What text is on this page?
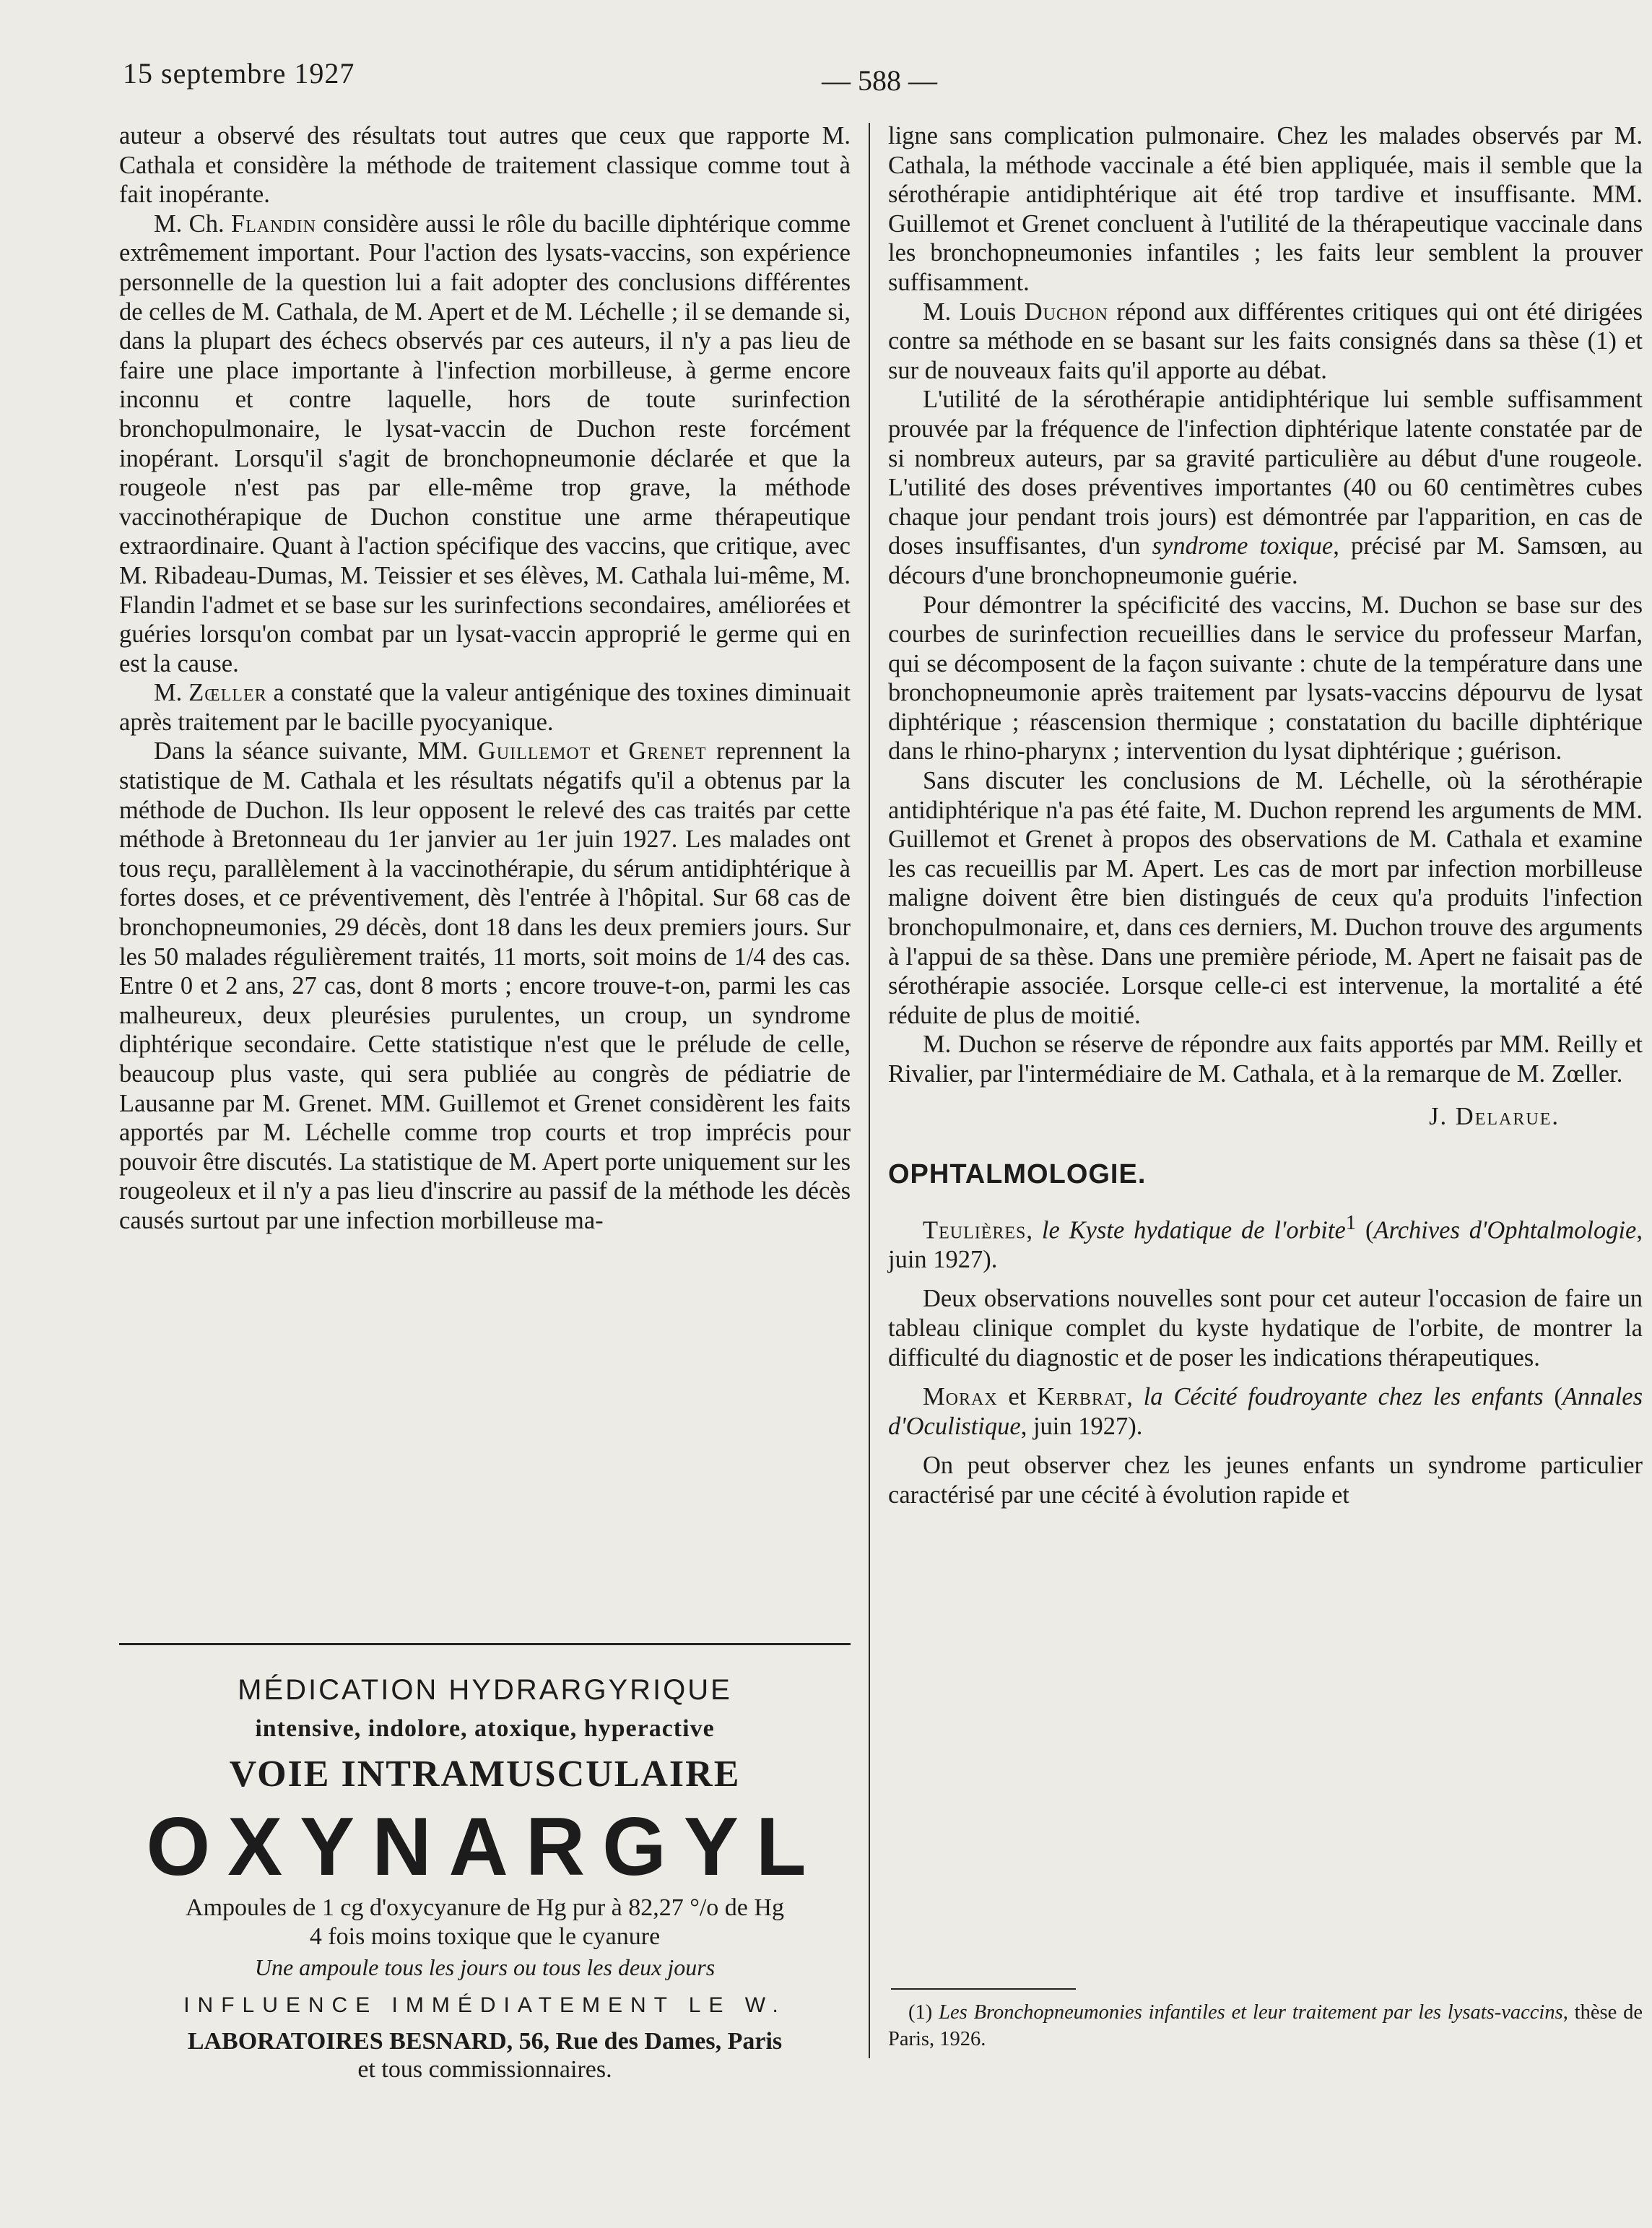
15 septembre 1927	— 588 —

auteur a observé des résultats tout autres que ceux que rapporte M. Cathala et considère la méthode de traitement classique comme tout à fait inopérante.

M. Ch. Flandin considère aussi le rôle du bacille diphtérique comme extrêmement important. Pour l'action des lysats-vaccins, son expérience personnelle de la question lui a fait adopter des conclusions différentes de celles de M. Cathala, de M. Apert et de M. Léchelle ; il se demande si, dans la plupart des échecs observés par ces auteurs, il n'y a pas lieu de faire une place importante à l'infection morbilleuse, à germe encore inconnu et contre laquelle, hors de toute surinfection bronchopulmonaire, le lysat-vaccin de Duchon reste forcément inopérant. Lorsqu'il s'agit de bronchopneumonie déclarée et que la rougeole n'est pas par elle-même trop grave, la méthode vaccinothérapique de Duchon constitue une arme thérapeutique extraordinaire. Quant à l'action spécifique des vaccins, que critique, avec M. Ribadeau-Dumas, M. Teissier et ses élèves, M. Cathala lui-même, M. Flandin l'admet et se base sur les surinfections secondaires, améliorées et guéries lorsqu'on combat par un lysat-vaccin approprié le germe qui en est la cause.

M. Zœller a constaté que la valeur antigénique des toxines diminuait après traitement par le bacille pyocyanique.

Dans la séance suivante, MM. Guillemot et Grenet reprennent la statistique de M. Cathala et les résultats négatifs qu'il a obtenus par la méthode de Duchon. Ils leur opposent le relevé des cas traités par cette méthode à Bretonneau du 1er janvier au 1er juin 1927. Les malades ont tous reçu, parallèlement à la vaccinothérapie, du sérum antidiphtérique à fortes doses, et ce préventivement, dès l'entrée à l'hôpital. Sur 68 cas de bronchopneumonies, 29 décès, dont 18 dans les deux premiers jours. Sur les 50 malades régulièrement traités, 11 morts, soit moins de 1/4 des cas. Entre 0 et 2 ans, 27 cas, dont 8 morts ; encore trouve-t-on, parmi les cas malheureux, deux pleurésies purulentes, un croup, un syndrome diphtérique secondaire. Cette statistique n'est que le prélude de celle, beaucoup plus vaste, qui sera publiée au congrès de pédiatrie de Lausanne par M. Grenet. MM. Guillemot et Grenet considèrent les faits apportés par M. Léchelle comme trop courts et trop imprécis pour pouvoir être discutés. La statistique de M. Apert porte uniquement sur les rougeoleux et il n'y a pas lieu d'inscrire au passif de la méthode les décès causés surtout par une infection morbilleuse ma-

MÉDICATION HYDRARGYRIQUE
intensive, indolore, atoxique, hyperactive
VOIE INTRAMUSCULAIRE
OXYNARGYL
Ampoules de 1 cg d'oxycyanure de Hg pur à 82,27 °/o de Hg
4 fois moins toxique que le cyanure
Une ampoule tous les jours ou tous les deux jours
INFLUENCE IMMÉDIATEMENT LE W.
LABORATOIRES BESNARD, 56, Rue des Dames, Paris
et tous commissionnaires.

ligne sans complication pulmonaire. Chez les malades observés par M. Cathala, la méthode vaccinale a été bien appliquée, mais il semble que la sérothérapie antidiphtérique ait été trop tardive et insuffisante. MM. Guillemot et Grenet concluent à l'utilité de la thérapeutique vaccinale dans les bronchopneumonies infantiles ; les faits leur semblent la prouver suffisamment.

M. Louis Duchon répond aux différentes critiques qui ont été dirigées contre sa méthode en se basant sur les faits consignés dans sa thèse (1) et sur de nouveaux faits qu'il apporte au débat.

L'utilité de la sérothérapie antidiphtérique lui semble suffisamment prouvée par la fréquence de l'infection diphtérique latente constatée par de si nombreux auteurs, par sa gravité particulière au début d'une rougeole. L'utilité des doses préventives importantes (40 ou 60 centimètres cubes chaque jour pendant trois jours) est démontrée par l'apparition, en cas de doses insuffisantes, d'un syndrome toxique, précisé par M. Samsœn, au décours d'une bronchopneumonie guérie.

Pour démontrer la spécificité des vaccins, M. Duchon se base sur des courbes de surinfection recueillies dans le service du professeur Marfan, qui se décomposent de la façon suivante : chute de la température dans une bronchopneumonie après traitement par lysats-vaccins dépourvu de lysat diphtérique ; réascension thermique ; constatation du bacille diphtérique dans le rhino-pharynx ; intervention du lysat diphtérique ; guérison.

Sans discuter les conclusions de M. Léchelle, où la sérothérapie antidiphtérique n'a pas été faite, M. Duchon reprend les arguments de MM. Guillemot et Grenet à propos des observations de M. Cathala et examine les cas recueillis par M. Apert. Les cas de mort par infection morbilleuse maligne doivent être bien distingués de ceux qu'a produits l'infection bronchopulmonaire, et, dans ces derniers, M. Duchon trouve des arguments à l'appui de sa thèse. Dans une première période, M. Apert ne faisait pas de sérothérapie associée. Lorsque celle-ci est intervenue, la mortalité a été réduite de plus de moitié.

M. Duchon se réserve de répondre aux faits apportés par MM. Reilly et Rivalier, par l'intermédiaire de M. Cathala, et à la remarque de M. Zœller.

J. Delarue.
OPHTALMOLOGIE.

Teulières, le Kyste hydatique de l'orbite$^1$ (Archives d'Ophtalmologie, juin 1927).

Deux observations nouvelles sont pour cet auteur l'occasion de faire un tableau clinique complet du kyste hydatique de l'orbite, de montrer la difficulté du diagnostic et de poser les indications thérapeutiques.

Morax et Kerbrat, la Cécité foudroyante chez les enfants (Annales d'Oculistique, juin 1927).

On peut observer chez les jeunes enfants un syndrome particulier caractérisé par une cécité à évolution rapide et

(1) Les Bronchopneumonies infantiles et leur traitement par les lysats-vaccins, thèse de Paris, 1926.
